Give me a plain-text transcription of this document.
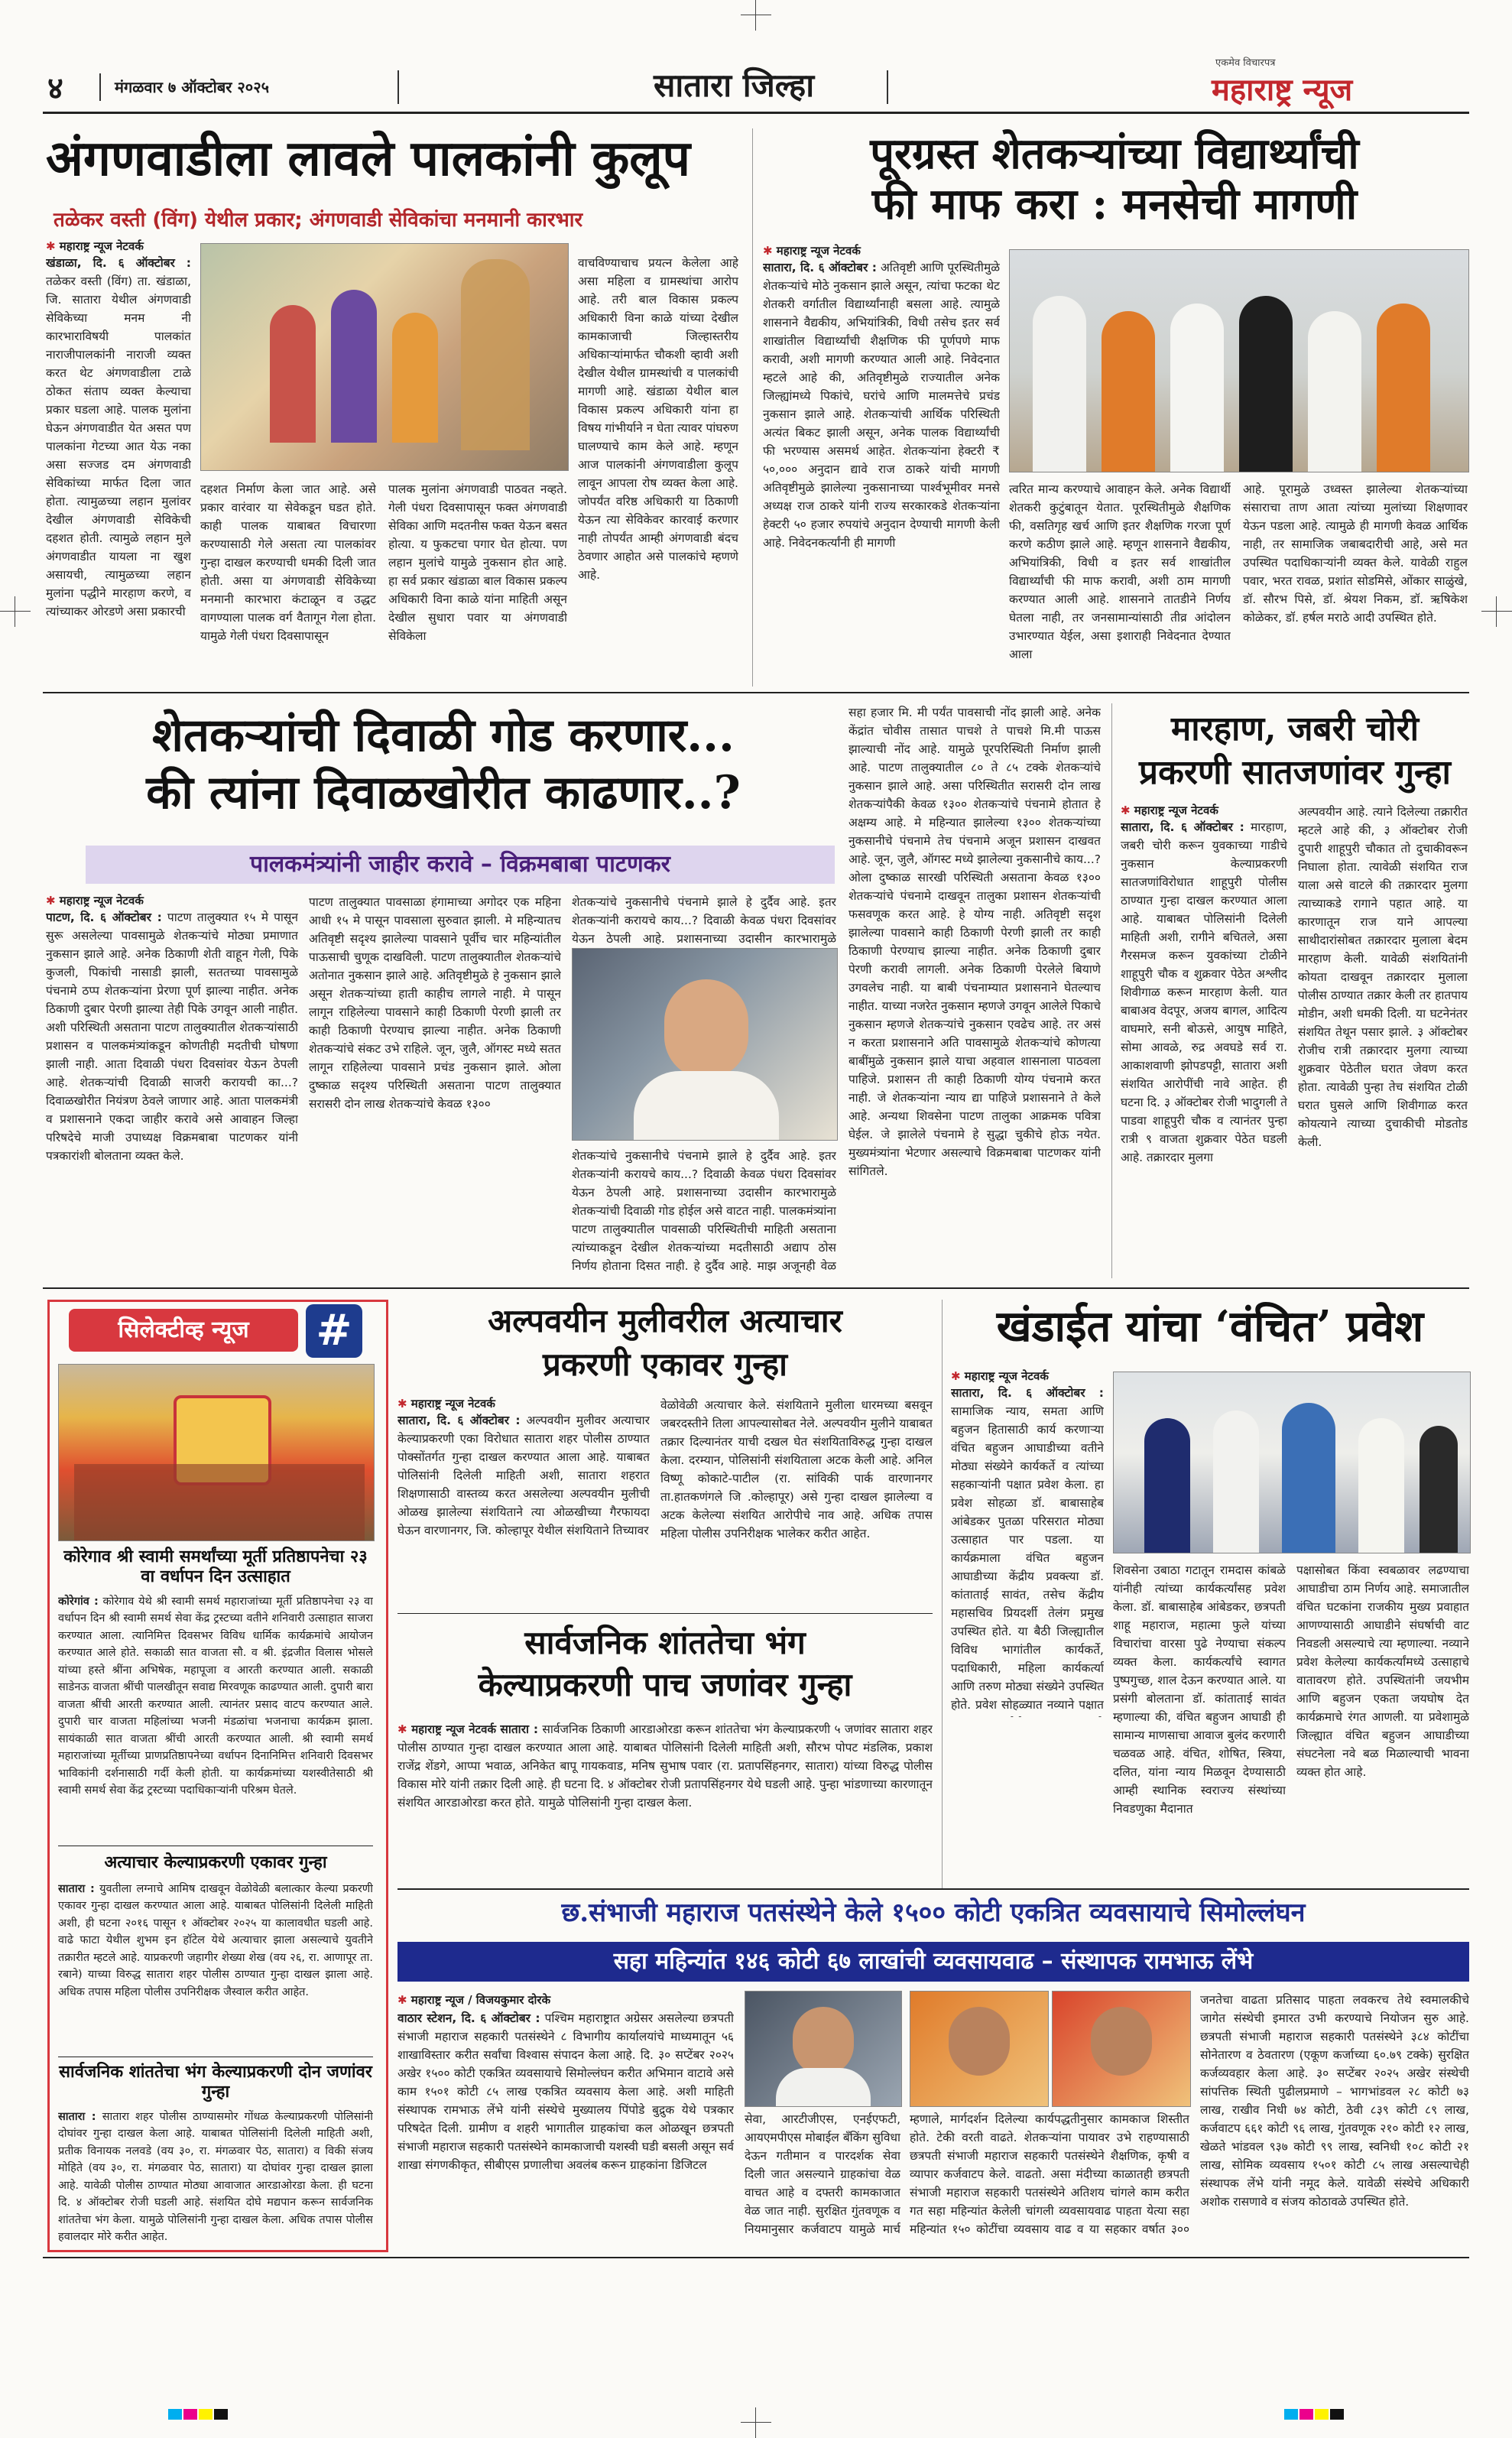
४	मंगळवार ७ ऑक्टोबर २०२५	सातारा जिल्हा
एकमेव विचारपत्र
महाराष्ट्र न्यूज
अंगणवाडीला लावले पालकांनी कुलूप
तळेकर वस्ती (विंग) येथील प्रकार; अंगणवाडी सेविकांचा मनमानी कारभार
✱ महाराष्ट्र न्यूज नेटवर्क
खंडाळा, दि. ६ ऑक्टोबर : तळेकर वस्ती (विंग) ता. खंडाळा, जि. सातारा येथील अंगणवाडी सेविकेच्या मनम नी कारभाराविषयी पालकांत नाराजीपालकांनी नाराजी व्यक्त करत थेट अंगणवाडीला टाळे ठोकत संताप व्यक्त केल्याचा प्रकार घडला आहे. पालक मुलांना घेऊन अंगणवाडीत येत असत पण पालकांना गेटच्या आत येऊ नका असा सज्जड दम अंगणवाडी सेविकांच्या मार्फत दिला जात होता. त्यामुळच्या लहान मुलांवर देखील अंगणवाडी सेविकेची दहशत होती. त्यामुळे लहान मुले अंगणवाडीत यायला ना खुश असायची, त्यामुळच्या लहान मुलांना पद्धीने मारहाण करणे, व त्यांच्याकर ओरडणे असा प्रकारची
दहशत निर्माण केला जात आहे. असे प्रकार वारंवार या सेवेकडून घडत होते. काही पालक याबाबत विचारणा करण्यासाठी गेले असता त्या पालकांवर गुन्हा दाखल करण्याची धमकी दिली जात होती. असा या अंगणवाडी सेविकेच्या मनमानी कारभारा कंटाळून व उद्धट वागण्याला पालक वर्ग वैतागून गेला होता. यामुळे गेली पंधरा दिवसापासून
पालक मुलांना अंगणवाडी पाठवत नव्हते. गेली पंधरा दिवसापासून फक्त अंगणवाडी सेविका आणि मदतनीस फक्त येऊन बसत होत्या. य फुकटचा पगार घेत होत्या. पण लहान मुलांचे यामुळे नुकसान होत आहे. हा सर्व प्रकार खंडाळा बाल विकास प्रकल्प अधिकारी विना काळे यांना माहिती असून देखील सुधारा पवार या अंगणवाडी सेविकेला
वाचविण्याचाच प्रयत्न केलेला आहे असा महिला व ग्रामस्थांचा आरोप आहे. तरी बाल विकास प्रकल्प अधिकारी विना काळे यांच्या देखील कामकाजाची जिल्हास्तरीय अधिकाऱ्यांमार्फत चौकशी व्हावी अशी देखील येथील ग्रामस्थांची व पालकांची मागणी आहे. खंडाळा येथील बाल विकास प्रकल्प अधिकारी यांना हा विषय गांभीर्याने न घेता त्यावर पांघरुण घालण्याचे काम केले आहे. म्हणून आज पालकांनी अंगणवाडीला कुलूप लावून आपला रोष व्यक्त केला आहे. जोपर्यंत वरिष्ठ अधिकारी या ठिकाणी येऊन त्या सेविकेवर कारवाई करणार नाही तोपर्यंत आम्ही अंगणवाडी बंदच ठेवणार आहोत असे पालकांचे म्हणणे आहे.
पूरग्रस्त शेतकऱ्यांच्या विद्यार्थ्यांची
फी माफ करा : मनसेची मागणी
✱ महाराष्ट्र न्यूज नेटवर्क
सातारा, दि. ६ ऑक्टोबर : अतिवृष्टी आणि पूरस्थितीमुळे शेतकऱ्यांचे मोठे नुकसान झाले असून, त्यांचा फटका थेट शेतकरी वर्गातील विद्यार्थ्यांनाही बसला आहे. त्यामुळे शासनाने वैद्यकीय, अभियांत्रिकी, विधी तसेच इतर सर्व शाखांतील विद्यार्थ्यांची शैक्षणिक फी पूर्णपणे माफ करावी, अशी मागणी करण्यात आली आहे. निवेदनात म्हटले आहे की, अतिवृष्टीमुळे राज्यातील अनेक जिल्ह्यांमध्ये पिकांचे, घरांचे आणि मालमत्तेचे प्रचंड नुकसान झाले आहे. शेतकऱ्यांची आर्थिक परिस्थिती अत्यंत बिकट झाली असून, अनेक पालक विद्यार्थ्यांची फी भरण्यास असमर्थ आहेत. शेतकऱ्यांना हेक्टरी ₹ ५०,००० अनुदान द्यावे राज ठाकरे यांची मागणी अतिवृष्टीमुळे झालेल्या नुकसानाच्या पार्श्वभूमीवर मनसे अध्यक्ष राज ठाकरे यांनी राज्य सरकारकडे शेतकऱ्यांना हेक्टरी ५० हजार रुपयांचे अनुदान देण्याची मागणी केली आहे. निवेदनकर्त्यांनी ही मागणी
त्वरित मान्य करण्याचे आवाहन केले. अनेक विद्यार्थी शेतकरी कुटुंबातून येतात. पूरस्थितीमुळे शैक्षणिक फी, वसतिगृह खर्च आणि इतर शैक्षणिक गरजा पूर्ण करणे कठीण झाले आहे. म्हणून शासनाने वैद्यकीय, अभियांत्रिकी, विधी व इतर सर्व शाखांतील विद्यार्थ्यांची फी माफ करावी, अशी ठाम मागणी करण्यात आली आहे. शासनाने तातडीने निर्णय घेतला नाही, तर जनसामान्यांसाठी तीव्र आंदोलन उभारण्यात येईल, असा इशाराही निवेदनात देण्यात आला
आहे. पूरामुळे उध्वस्त झालेल्या शेतकऱ्यांच्या संसाराचा ताण आता त्यांच्या मुलांच्या शिक्षणावर येऊन पडला आहे. त्यामुळे ही मागणी केवळ आर्थिक नाही, तर सामाजिक जबाबदारीची आहे, असे मत उपस्थित पदाधिकाऱ्यांनी व्यक्त केले. यावेळी राहुल पवार, भरत रावळ, प्रशांत सोडमिसे, ओंकार साळुंखे, डॉ. सौरभ पिसे, डॉ. श्रेयश निकम, डॉ. ऋषिकेश कोळेकर, डॉ. हर्षल मराठे आदी उपस्थित होते.
शेतकऱ्यांची दिवाळी गोड करणार...
की त्यांना दिवाळखोरीत काढणार..?
पालकमंत्र्यांनी जाहीर करावे – विक्रमबाबा पाटणकर
✱ महाराष्ट्र न्यूज नेटवर्क
पाटण, दि. ६ ऑक्टोबर : पाटण तालुक्यात १५ मे पासून सुरू असलेल्या पावसामुळे शेतकऱ्यांचे मोठ्या प्रमाणात नुकसान झाले आहे. अनेक ठिकाणी शेती वाहून गेली, पिके कुजली, पिकांची नासाडी झाली, सततच्या पावसामुळे पंचनामे ठप्प शेतकऱ्यांना प्रेरणा पूर्ण झाल्या नाहीत. अनेक ठिकाणी दुबार पेरणी झाल्या तेही पिके उगवून आली नाहीत. अशी परिस्थिती असताना पाटण तालुक्यातील शेतकऱ्यांसाठी प्रशासन व पालकमंत्र्यांकडून कोणतीही मदतीची घोषणा झाली नाही. आता दिवाळी पंधरा दिवसांवर येऊन ठेपली आहे. शेतकऱ्यांची दिवाळी साजरी करायची का...? दिवाळखोरीत नियंत्रण ठेवले जाणार आहे. आता पालकमंत्री व प्रशासनाने एकदा जाहीर करावे असे आवाहन जिल्हा परिषदेचे माजी उपाध्यक्ष विक्रमबाबा पाटणकर यांनी पत्रकारांशी बोलताना व्यक्त केले.
पाटण तालुक्यात पावसाळा हंगामाच्या अगोदर एक महिना आधी १५ मे पासून पावसाला सुरुवात झाली. मे महिन्यातच अतिवृष्टी सदृश्य झालेल्या पावसाने पूर्वीच चार महिन्यांतील पाऊसाची चुणूक दाखविली. पाटण तालुक्यातील शेतकऱ्यांचे अतोनात नुकसान झाले आहे. अतिवृष्टीमुळे हे नुकसान झाले असून शेतकऱ्यांच्या हाती काहीच लागले नाही. मे पासून लागून राहिलेल्या पावसाने काही ठिकाणी पेरणी झाली तर काही ठिकाणी पेरण्याच झाल्या नाहीत. अनेक ठिकाणी शेतकऱ्यांचे संकट उभे राहिले. जून, जुलै, ऑगस्ट मध्ये सतत लागून राहिलेल्या पावसाने प्रचंड नुकसान झाले. ओला दुष्काळ सदृश्य परिस्थिती असताना पाटण तालुक्यात सरासरी दोन लाख शेतकऱ्यांचे केवळ १३००
शेतकऱ्यांचे नुकसानीचे पंचनामे झाले हे दुर्दैव आहे. इतर शेतकऱ्यांनी करायचे काय...? दिवाळी केवळ पंधरा दिवसांवर येऊन ठेपली आहे. प्रशासनाच्या उदासीन कारभारामुळे
शेतकऱ्यांचे नुकसानीचे पंचनामे झाले हे दुर्दैव आहे. इतर शेतकऱ्यांनी करायचे काय...? दिवाळी केवळ पंधरा दिवसांवर येऊन ठेपली आहे. प्रशासनाच्या उदासीन कारभारामुळे शेतकऱ्यांची दिवाळी गोड होईल असे वाटत नाही. पालकमंत्र्यांना पाटण तालुक्यातील पावसाळी परिस्थितीची माहिती असताना त्यांच्याकडून देखील शेतकऱ्यांच्या मदतीसाठी अद्याप ठोस निर्णय होताना दिसत नाही. हे दुर्दैव आहे. माझ अजूनही वेळ
सहा हजार मि. मी पर्यंत पावसाची नोंद झाली आहे. अनेक केंद्रांत चोवीस तासात पाचशे ते पाचशे मि.मी पाऊस झाल्याची नोंद आहे. यामुळे पूरपरिस्थिती निर्माण झाली आहे. पाटण तालुक्यातील ८० ते ८५ टक्के शेतकऱ्यांचे नुकसान झाले आहे. असा परिस्थितीत सरासरी दोन लाख शेतकऱ्यांपैकी केवळ १३०० शेतकऱ्यांचे पंचनामे होतात हे अक्षम्य आहे. मे महिन्यात झालेल्या १३०० शेतकऱ्यांच्या नुकसानीचे पंचनामे तेच पंचनामे अजून प्रशासन दाखवत आहे. जून, जुलै, ऑगस्ट मध्ये झालेल्या नुकसानीचे काय...? ओला दुष्काळ सारखी परिस्थिती असताना केवळ १३०० शेतकऱ्यांचे पंचनामे दाखवून तालुका प्रशासन शेतकऱ्यांची फसवणूक करत आहे. हे योग्य नाही. अतिवृष्टी सदृश झालेल्या पावसाने काही ठिकाणी पेरणी झाली तर काही ठिकाणी पेरण्याच झाल्या नाहीत. अनेक ठिकाणी दुबार पेरणी करावी लागली. अनेक ठिकाणी पेरलेले बियाणे उगवलेच नाही. या बाबी पंचनाम्यात प्रशासनाने घेतल्याच नाहीत. याच्या नजरेत नुकसान म्हणजे उगवून आलेले पिकाचे नुकसान म्हणजे शेतकऱ्यांचे नुकसान एवढेच आहे. तर असं न करता प्रशासनाने अति पावसामुळे शेतकऱ्यांचे कोणत्या बाबींमुळे नुकसान झाले याचा अहवाल शासनाला पाठवला पाहिजे. प्रशासन ती काही ठिकाणी योग्य पंचनामे करत नाही. जे शेतकऱ्यांना न्याय द्या पाहिजे प्रशासनाने ते केले आहे. अन्यथा शिवसेना पाटण तालुका आक्रमक पवित्रा घेईल. जे झालेले पंचनामे हे सुद्धा चुकीचे होऊ नयेत. मुख्यमंत्र्यांना भेटणार असल्याचे विक्रमबाबा पाटणकर यांनी सांगितले.
मारहाण, जबरी चोरी
प्रकरणी सातजणांवर गुन्हा
✱ महाराष्ट्र न्यूज नेटवर्क
सातारा, दि. ६ ऑक्टोबर : मारहाण, जबरी चोरी करून युवकाच्या गाडीचे नुकसान केल्याप्रकरणी सातजणांविरोधात शाहूपुरी पोलीस ठाण्यात गुन्हा दाखल करण्यात आला आहे. याबाबत पोलिसांनी दिलेली माहिती अशी, रागीने बचितले, असा गैरसमज करून युवकांच्या टोळीने शाहूपुरी चौक व शुक्रवार पेठेत अश्लीद शिवीगाळ करून मारहाण केली. यात बाबाअव वेदपूर, अजय बागल, आदित्य वाघमारे, सनी बोऊसे, आयुष माहिते, सोमा आवळे, रुद्र अवघडे सर्व रा. आकाशवाणी झोपडपट्टी, सातारा अशी संशयित आरोपींची नावे आहेत. ही घटना दि. ३ ऑक्टोबर रोजी भादुगली ते पाडवा शाहूपुरी चौक व त्यानंतर पुन्हा रात्री ९ वाजता शुक्रवार पेठेत घडली आहे. तक्रारदार मुलगा
अल्पवयीन आहे. त्याने दिलेल्या तक्रारीत म्हटले आहे की, ३ ऑक्टोबर रोजी दुपारी शाहूपुरी चौकात तो दुचाकीवरून निघाला होता. त्यावेळी संशयित राज याला असे वाटले की तक्रारदार मुलगा त्याच्याकडे रागाने पहात आहे. या कारणातून राज याने आपल्या साथीदारांसोबत तक्रारदार मुलाला बेदम मारहाण केली. यावेळी संशयितांनी कोयता दाखवून तक्रारदार मुलाला पोलीस ठाण्यात तक्रार केली तर हातपाय मोडीन, अशी धमकी दिली. या घटनेनंतर संशयित तेथून पसार झाले. ३ ऑक्टोबर रोजीच रात्री तक्रारदार मुलगा त्याच्या शुक्रवार पेठेतील घरात जेवण करत होता. त्यावेळी पुन्हा तेच संशयित टोळी घरात घुसले आणि शिवीगाळ करत कोयत्याने त्याच्या दुचाकीची मोडतोड केली.
सिलेक्टीव्ह न्यूज	#
कोरेगाव श्री स्वामी समर्थांच्या मूर्ती प्रतिष्ठापनेचा २३ वा वर्धापन दिन उत्साहात
कोरेगांव : कोरेगाव येथे श्री स्वामी समर्थ महाराजांच्या मूर्ती प्रतिष्ठापनेचा २३ वा वर्धापन दिन श्री स्वामी समर्थ सेवा केंद्र ट्रस्टच्या वतीने शनिवारी उत्साहात साजरा करण्यात आला. त्यानिमित्त दिवसभर विविध धार्मिक कार्यक्रमांचे आयोजन करण्यात आले होते. सकाळी सात वाजता सौ. व श्री. इंद्रजीत विलास भोसले यांच्या हस्ते श्रींना अभिषेक, महापूजा व आरती करण्यात आली. सकाळी साडेनऊ वाजता श्रींची पालखीतून सवाद्य मिरवणूक काढण्यात आली. दुपारी बारा वाजता श्रींची आरती करण्यात आली. त्यानंतर प्रसाद वाटप करण्यात आले. दुपारी चार वाजता महिलांच्या भजनी मंडळांचा भजनाचा कार्यक्रम झाला. सायंकाळी सात वाजता श्रींची आरती करण्यात आली. श्री स्वामी समर्थ महाराजांच्या मूर्तीच्या प्राणप्रतिष्ठापनेच्या वर्धापन दिनानिमित्त शनिवारी दिवसभर भाविकांनी दर्शनासाठी गर्दी केली होती. या कार्यक्रमांच्या यशस्वीतेसाठी श्री स्वामी समर्थ सेवा केंद्र ट्रस्टच्या पदाधिकाऱ्यांनी परिश्रम घेतले.
अत्याचार केल्याप्रकरणी एकावर गुन्हा
सातारा : युवतीला लग्नाचे आमिष दाखवून वेळोवेळी बलात्कार केल्या प्रकरणी एकावर गुन्हा दाखल करण्यात आला आहे. याबाबत पोलिसांनी दिलेली माहिती अशी, ही घटना २०१६ पासून १ ऑक्टोबर २०२५ या कालावधीत घडली आहे. वाढे फाटा येथील शुभम इन हॉटेल येथे अत्याचार झाला असल्याचे युवतीने तक्रारीत म्हटले आहे. याप्रकरणी जहागीर शेख्या शेख (वय २६, रा. आणापूर ता. रबाने) याच्या विरुद्ध सातारा शहर पोलीस ठाण्यात गुन्हा दाखल झाला आहे. अधिक तपास महिला पोलीस उपनिरीक्षक जैस्वाल करीत आहेत.
सार्वजनिक शांततेचा भंग केल्याप्रकरणी दोन जणांवर गुन्हा
सातारा : सातारा शहर पोलीस ठाण्यासमोर गोंधळ केल्याप्रकरणी पोलिसांनी दोघांवर गुन्हा दाखल केला आहे. याबाबत पोलिसांनी दिलेली माहिती अशी, प्रतीक विनायक नलवडे (वय ३०, रा. मंगळवार पेठ, सातारा) व विकी संजय मोहिते (वय ३०, रा. मंगळवार पेठ, सातारा) या दोघांवर गुन्हा दाखल झाला आहे. यावेळी पोलीस ठाण्यात मोठ्या आवाजात आरडाओरडा केला. ही घटना दि. ४ ऑक्टोबर रोजी घडली आहे. संशयित दोघे मद्यपान करून सार्वजनिक शांततेचा भंग केला. यामुळे पोलिसांनी गुन्हा दाखल केला. अधिक तपास पोलीस हवालदार मोरे करीत आहेत.
अल्पवयीन मुलीवरील अत्याचार
प्रकरणी एकावर गुन्हा
✱ महाराष्ट्र न्यूज नेटवर्क
सातारा, दि. ६ ऑक्टोबर : अल्पवयीन मुलीवर अत्याचार केल्याप्रकरणी एका विरोधात सातारा शहर पोलीस ठाण्यात पोक्सोंतर्गत गुन्हा दाखल करण्यात आला आहे. याबाबत पोलिसांनी दिलेली माहिती अशी, सातारा शहरात शिक्षणासाठी वास्तव्य करत असलेल्या अल्पवयीन मुलीची ओळख झालेल्या संशयिताने त्या ओळखीच्या गैरफायदा घेऊन वारणानगर, जि. कोल्हापूर येथील संशयिताने तिच्यावर
वेळोवेळी अत्याचार केले. संशयिताने मुलीला धारमच्या बसवून जबरदस्तीने तिला आपल्यासोबत नेले. अल्पवयीन मुलीने याबाबत तक्रार दिल्यानंतर याची दखल घेत संशयिताविरुद्ध गुन्हा दाखल केला. दरम्यान, पोलिसांनी संशयिताला अटक केली आहे. अनिल विष्णू कोकाटे-पाटील (रा. सांविकी पार्क वारणानगर ता.हातकणंगले जि .कोल्हापूर) असे गुन्हा दाखल झालेल्या व अटक केलेल्या संशयित आरोपीचे नाव आहे. अधिक तपास महिला पोलीस उपनिरीक्षक भालेकर करीत आहेत.
सार्वजनिक शांततेचा भंग
केल्याप्रकरणी पाच जणांवर गुन्हा
✱ महाराष्ट्र न्यूज नेटवर्क सातारा : सार्वजनिक ठिकाणी आरडाओरडा करून शांततेचा भंग केल्याप्रकरणी ५ जणांवर सातारा शहर पोलीस ठाण्यात गुन्हा दाखल करण्यात आला आहे. याबाबत पोलिसांनी दिलेली माहिती अशी, सौरभ पोपट मंडलिक, प्रकाश राजेंद्र शेंडगे, आप्पा भवाळ, अनिकेत बापू गायकवाड, मनिष सुभाष पवार (रा. प्रतापसिंहनगर, सातारा) यांच्या विरुद्ध पोलीस विकास मोरे यांनी तक्रार दिली आहे. ही घटना दि. ४ ऑक्टोबर रोजी प्रतापसिंहनगर येथे घडली आहे. पुन्हा भांडणाच्या कारणातून संशयित आरडाओरडा करत होते. यामुळे पोलिसांनी गुन्हा दाखल केला.
खंडाईत यांचा ‘वंचित’ प्रवेश
✱ महाराष्ट्र न्यूज नेटवर्क
सातारा, दि. ६ ऑक्टोबर : सामाजिक न्याय, समता आणि बहुजन हितासाठी कार्य करणाऱ्या वंचित बहुजन आघाडीच्या वतीने मोठ्या संख्येने कार्यकर्ते व त्यांच्या सहकाऱ्यांनी पक्षात प्रवेश केला. हा प्रवेश सोहळा डॉ. बाबासाहेब आंबेडकर पुतळा परिसरात मोठ्या उत्साहात पार पडला. या कार्यक्रमाला वंचित बहुजन आघाडीच्या केंद्रीय प्रवक्त्या डॉ. कांताताई सावंत, तसेच केंद्रीय महासचिव प्रियदर्शी तेलंग प्रमुख उपस्थित होते. या बैठी जिल्ह्यातील विविध भागांतील कार्यकर्ते, पदाधिकारी, महिला कार्यकर्त्या आणि तरुण मोठ्या संख्येने उपस्थित होते. प्रवेश सोहळ्यात नव्याने पक्षात
शिवसेना उबाठा गटातून रामदास कांबळे यांनीही त्यांच्या कार्यकर्त्यांसह प्रवेश केला. डॉ. बाबासाहेब आंबेडकर, छत्रपती शाहू महाराज, महात्मा फुले यांच्या विचारांचा वारसा पुढे नेण्याचा संकल्प व्यक्त केला. कार्यकर्त्यांचे स्वागत पुष्पगुच्छ, शाल देऊन करण्यात आले. या प्रसंगी बोलताना डॉ. कांताताई सावंत म्हणाल्या की, वंचित बहुजन आघाडी ही सामान्य माणसाचा आवाज बुलंद करणारी चळवळ आहे. वंचित, शोषित, स्त्रिया, दलित, यांना न्याय मिळवून देण्यासाठी आम्ही स्थानिक स्वराज्य संस्थांच्या निवडणुका मैदानात
पक्षासोबत किंवा स्वबळावर लढण्याचा आघाडीचा ठाम निर्णय आहे. समाजातील वंचित घटकांना राजकीय मुख्य प्रवाहात आणण्यासाठी आघाडीने संघर्षाची वाट निवडली असल्याचे त्या म्हणाल्या. नव्याने प्रवेश केलेल्या कार्यकर्त्यांमध्ये उत्साहाचे वातावरण होते. उपस्थितांनी जयभीम आणि बहुजन एकता जयघोष देत कार्यक्रमाचे रंगत आणली. या प्रवेशामुळे जिल्ह्यात वंचित बहुजन आघाडीच्या संघटनेला नवे बळ मिळाल्याची भावना व्यक्त होत आहे.
छ.संभाजी महाराज पतसंस्थेने केले १५०० कोटी एकत्रित व्यवसायाचे सिमोल्लंघन
सहा महिन्यांत १४६ कोटी ६७ लाखांची व्यवसायवाढ – संस्थापक रामभाऊ लेंभे
✱ महाराष्ट्र न्यूज / विजयकुमार दोरके
वाठार स्टेशन, दि. ६ ऑक्टोबर : पश्चिम महाराष्ट्रात अग्रेसर असलेल्या छत्रपती संभाजी महाराज सहकारी पतसंस्थेने ८ विभागीय कार्यालयांचे माध्यमातून ५६ शाखाविस्तार करीत सर्वांचा विश्वास संपादन केला आहे. दि. ३० सप्टेंबर २०२५ अखेर १५०० कोटी एकत्रित व्यवसायाचे सिमोल्लंघन करीत अभिमान वाटावे असे काम १५०१ कोटी ८५ लाख एकत्रित व्यवसाय केला आहे. अशी माहिती संस्थापक रामभाऊ लेंभे यांनी संस्थेचे मुख्यालय पिंपोडे बुद्रुक येथे पत्रकार परिषदेत दिली. ग्रामीण व शहरी भागातील ग्राहकांचा कल ओळखून छत्रपती संभाजी महाराज सहकारी पतसंस्थेने कामकाजाची यशस्वी घडी बसली असून सर्व शाखा संगणकीकृत, सीबीएस प्रणालीचा अवलंब करून ग्राहकांना डिजिटल
सेवा, आरटीजीएस, एनईएफटी, आयएमपीएस मोबाईल बॅंकिंग सुविधा देऊन गतीमान व पारदर्शक सेवा दिली जात असल्याने ग्राहकांचा वेळ वाचत आहे व दफ्तरी कामकाजात वेळ जात नाही. सुरक्षित गुंतवणूक व नियमानुसार कर्जवाटप यामुळे मार्च
म्हणाले, मार्गदर्शन दिलेल्या कार्यपद्धतीनुसार कामकाज शिस्तीत होते. टेकी वरती वाढते. शेतकऱ्यांना पायावर उभे राहण्यासाठी छत्रपती संभाजी महाराज सहकारी पतसंस्थेने शैक्षणिक, कृषी व व्यापार कर्जवाटप केले. वाढतो. असा मंदीच्या काळातही छत्रपती संभाजी महाराज सहकारी पतसंस्थेने अतिशय चांगले काम करीत गत सहा महिन्यांत केलेली चांगली व्यवसायवाढ पाहता येत्या सहा महिन्यांत १५० कोटींचा व्यवसाय वाढ व या सहकार वर्षात ३००
जनतेचा वाढता प्रतिसाद पाहता लवकरच तेथे स्वमालकीचे जागेत संस्थेची इमारत उभी करण्याचे नियोजन सुरु आहे. छत्रपती संभाजी महाराज सहकारी पतसंस्थेने ३८४ कोटींचा सोनेतारण व ठेवतारण (एकूण कर्जाच्या ६०.७९ टक्के) सुरक्षित कर्जव्यवहार केला आहे. ३० सप्टेंबर २०२५ अखेर संस्थेची सांपत्तिक स्थिती पुढीलप्रमाणे – भागभांडवल २८ कोटी ७३ लाख, राखीव निधी ७४ कोटी, ठेवी ८३९ कोटी ८९ लाख, कर्जवाटप ६६१ कोटी ९६ लाख, गुंतवणूक २१० कोटी १२ लाख, खेळते भांडवल ९३७ कोटी ९९ लाख, स्वनिधी १०८ कोटी २१ लाख, सोमिक व्यवसाय १५०१ कोटी ८५ लाख असल्याचेही संस्थापक लेंभे यांनी नमूद केले. यावेळी संस्थेचे अधिकारी अशोक रासणावे व संजय कोठावळे उपस्थित होते.
